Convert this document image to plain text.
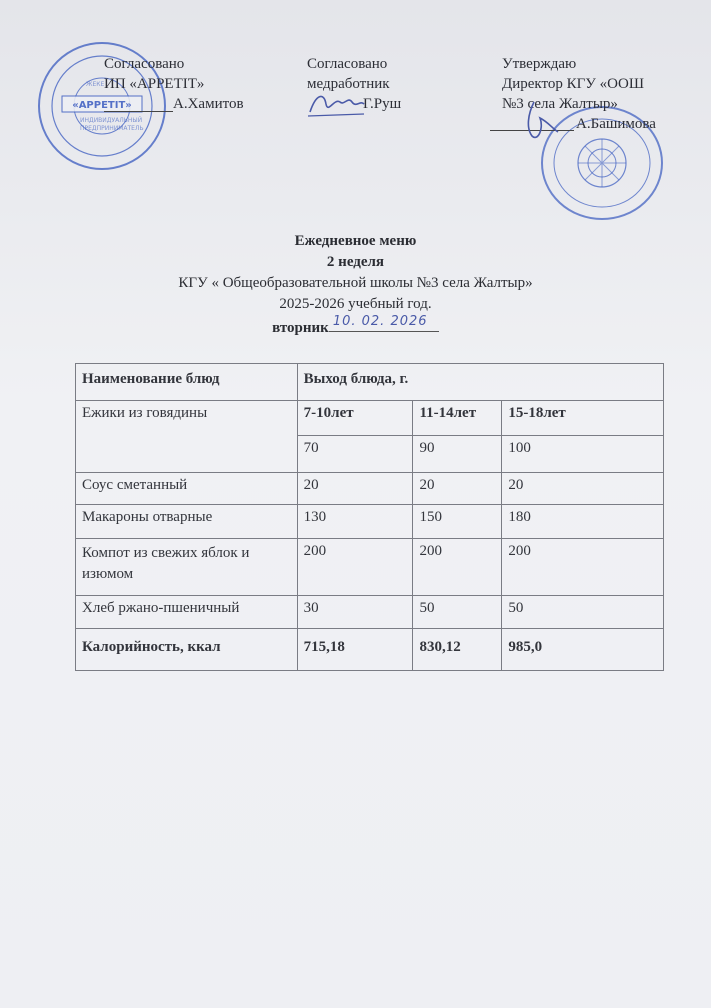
«APPETIT»
ЖЕКЕ
ИНДИВИДУАЛЬНЫЙ
ПРЕДПРИНИМАТЕЛЬ
Согласовано
ИП «APPETIT»
А.Хамитов
Согласовано
медработник
Г.Руш
Утверждаю
Директор КГУ «ООШ
№3 села Жалтыр»
А.Башимова
Ежедневное меню
2 неделя
КГУ « Общеобразовательной школы №3 села Жалтыр»
2025-2026 учебный год.
вторник 10. 02. 2026
Наименование блюд	Выход блюда, г.		
Ежики из говядины	7-10лет	11-14лет	15-18лет
	70	90	100
Соус сметанный	20	20	20
Макароны отварные	130	150	180
Компот из свежих яблок и изюмом	200	200	200
Хлеб ржано-пшеничный	30	50	50
Калорийность, ккал	715,18	830,12	985,0
